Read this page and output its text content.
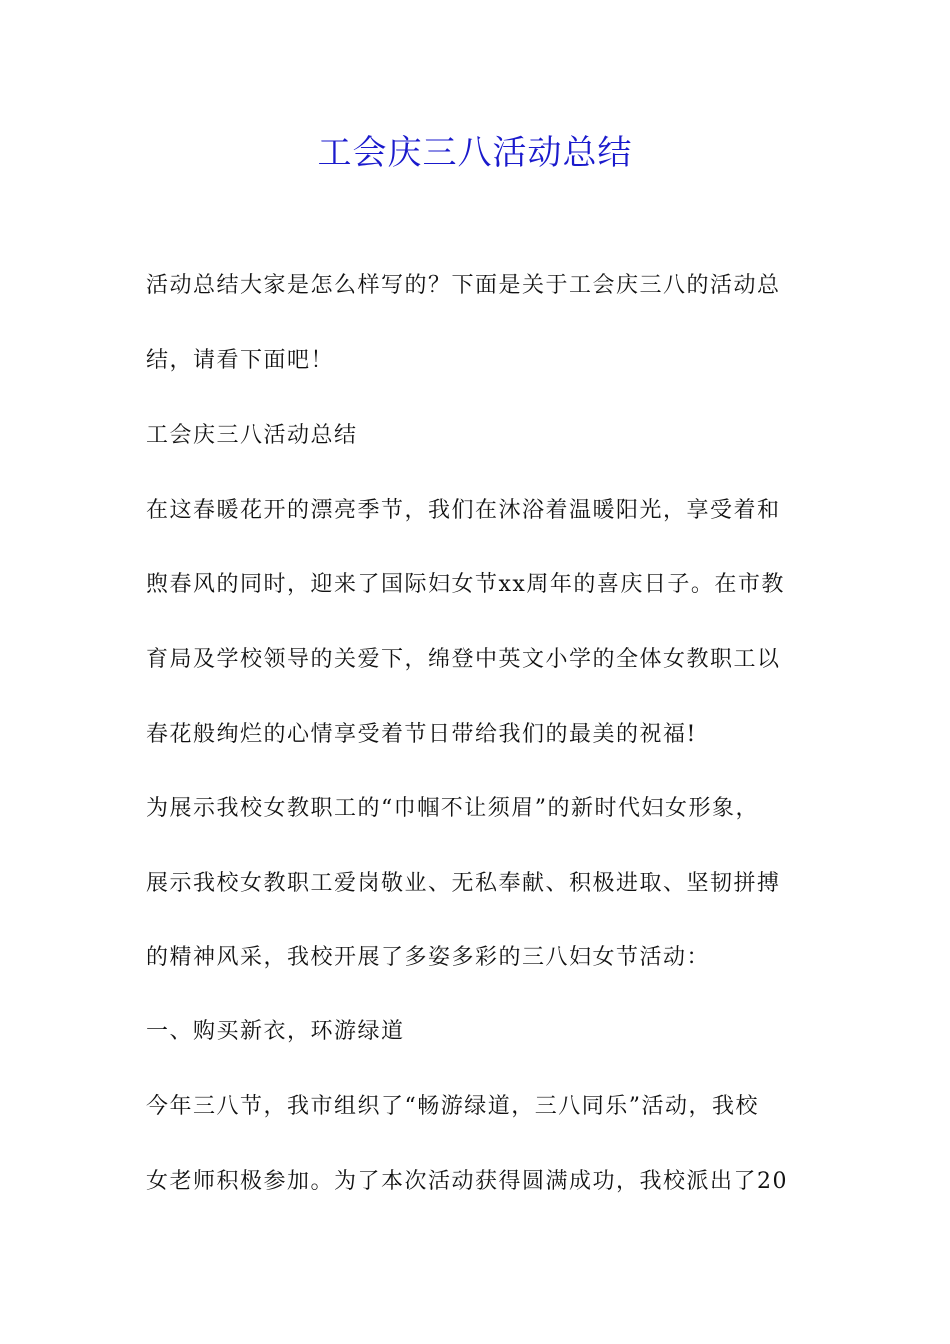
工会庆三八活动总结

活动总结大家是怎么样写的？下面是关于工会庆三八的活动总

结，请看下面吧！

工会庆三八活动总结

在这春暖花开的漂亮季节，我们在沐浴着温暖阳光，享受着和

煦春风的同时，迎来了国际妇女节xx周年的喜庆日子。在市教

育局及学校领导的关爱下，绵登中英文小学的全体女教职工以

春花般绚烂的心情享受着节日带给我们的最美的祝福!

为展示我校女教职工的“巾帼不让须眉”的新时代妇女形象，

展示我校女教职工爱岗敬业、无私奉献、积极进取、坚韧拼搏

的精神风采，我校开展了多姿多彩的三八妇女节活动：

一、购买新衣，环游绿道

今年三八节，我市组织了“畅游绿道，三八同乐”活动，我校

女老师积极参加。为了本次活动获得圆满成功，我校派出了20
